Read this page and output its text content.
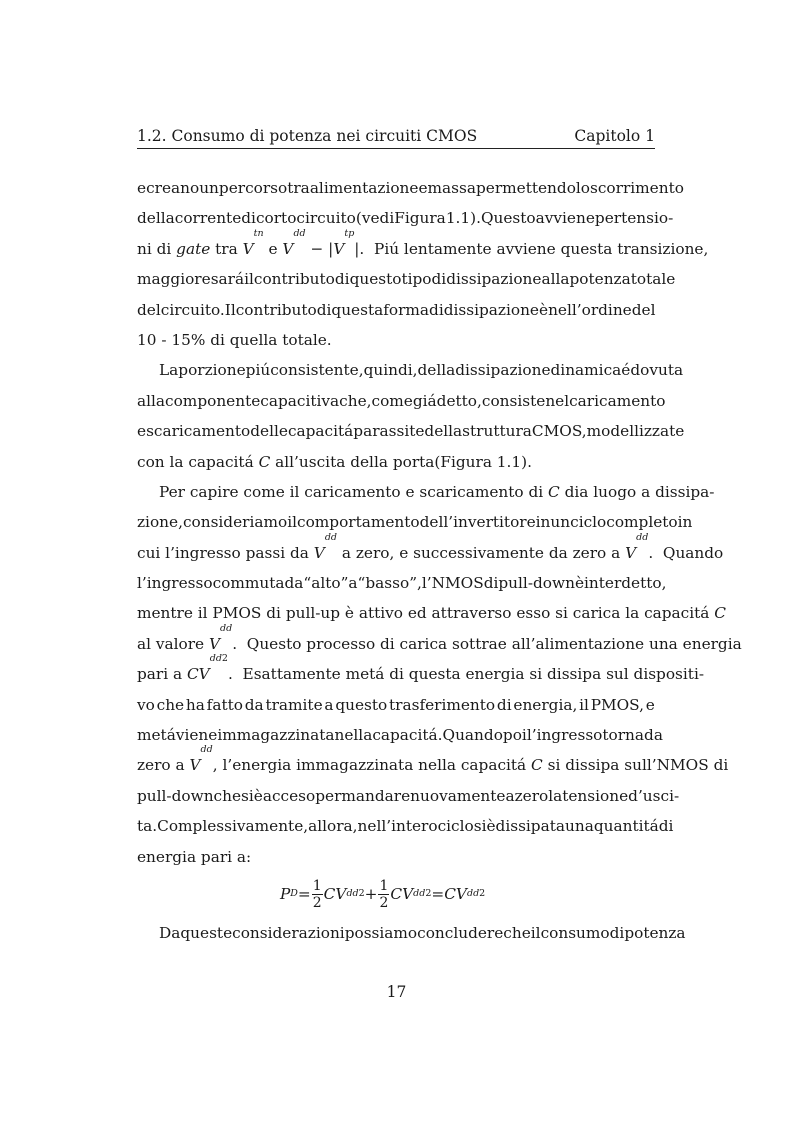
1.2. Consumo di potenza nei circuiti CMOS	Capitolo 1
e creano un percorso tra alimentazione e massa permettendo lo scorrimento
della corrente di corto circuito (vedi Figura 1.1). Questo avviene per tensio-
ni di gate tra V
tn
e V
dd
− | V
tp
|.  Piú lentamente avviene questa transizione,
maggiore sará il contributo di questo tipo di dissipazione alla potenza totale
del circuito. Il contributo di questa forma di dissipazione è nell’ordine del
10 - 15% di quella totale.
La porzione piú consistente, quindi, della dissipazione dinamica é dovuta
alla componente capacitiva che , come giá detto, consiste nel caricamento
e scaricamento delle capacitá parassite della struttura CMOS, modellizzate
con la capacitá C all’uscita della porta(Figura 1.1).
Per capire come il caricamento e scaricamento di C dia luogo a dissipa-
zione, consideriamo il comportamento dell’invertitore in un ciclo completo in
cui l’ingresso passi da V
dd
a zero, e successivamente da zero a V
dd
.  Quando
l’ingresso commuta da “alto” a “basso”, l’NMOS di pull-down è interdetto,
mentre il PMOS di pull-up è attivo ed attraverso esso si carica la capacitá C
al valore V
dd
.  Questo processo di carica sottrae all’alimentazione una energia
pari a CV
dd 2
.  Esattamente metá di questa energia si dissipa sul dispositi-
vo che ha fatto da tramite a questo trasferimento di energia, il PMOS, e
metá viene immagazzinata nella capacitá. Quando poi l’ingresso torna da
zero a V
dd
, l’energia immagazzinata nella capacitá C si dissipa sull’NMOS di
pull-down che si è acceso per mandare nuovamente a zero la tensione d’usci-
ta. Complessivamente, allora, nell’intero ciclo si è dissipata una quantitá di
energia pari a:
P $D = \frac{1}{2}$ CV dd $2 + \frac{1}{2}$ CV dd 2 = CV dd 2
Da queste considerazioni possiamo concludere che il consumo di potenza
17
